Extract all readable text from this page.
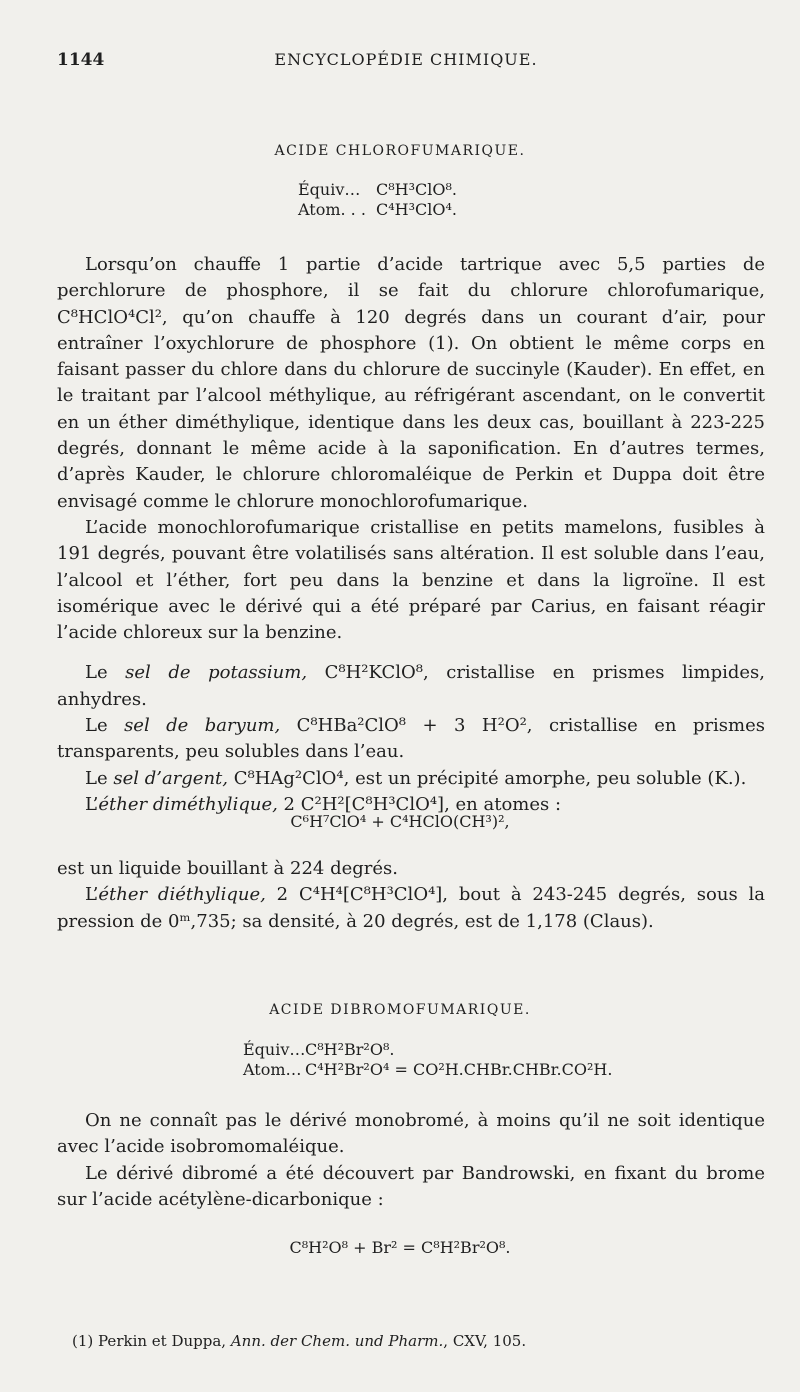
1144	ENCYCLOPÉDIE CHIMIQUE.
ACIDE CHLOROFUMARIQUE.
Équiv… C⁸H³ClO⁸.
Atom. . . C⁴H³ClO⁴.

Lorsqu’on chauffe 1 partie d’acide tartrique avec 5,5 parties de perchlorure de phosphore, il se fait du chlorure chlorofumarique, C⁸HClO⁴Cl², qu’on chauffe à 120 degrés dans un courant d’air, pour entraîner l’oxychlorure de phosphore (1). On obtient le même corps en faisant passer du chlore dans du chlorure de succinyle (Kauder). En effet, en le traitant par l’alcool méthylique, au réfrigérant ascendant, on le convertit en un éther diméthylique, identique dans les deux cas, bouillant à 223-225 degrés, donnant le même acide à la saponification. En d’autres termes, d’après Kauder, le chlorure chloromaléique de Perkin et Duppa doit être envisagé comme le chlorure monochlorofumarique.

L’acide monochlorofumarique cristallise en petits mamelons, fusibles à 191 degrés, pouvant être volatilisés sans altération. Il est soluble dans l’eau, l’alcool et l’éther, fort peu dans la benzine et dans la ligroïne. Il est isomérique avec le dérivé qui a été préparé par Carius, en faisant réagir l’acide chloreux sur la benzine.

Le sel de potassium, C⁸H²KClO⁸, cristallise en prismes limpides, anhydres.

Le sel de baryum, C⁸HBa²ClO⁸ + 3 H²O², cristallise en prismes transparents, peu solubles dans l’eau.

Le sel d’argent, C⁸HAg²ClO⁴, est un précipité amorphe, peu soluble (K.).

L’éther diméthylique, 2 C²H²[C⁸H³ClO⁴], en atomes :

C⁶H⁷ClO⁴ + C⁴HClO(CH³)²,

est un liquide bouillant à 224 degrés.

L’éther diéthylique, 2 C⁴H⁴[C⁸H³ClO⁴], bout à 243-245 degrés, sous la pression de 0ᵐ,735; sa densité, à 20 degrés, est de 1,178 (Claus).

ACIDE DIBROMOFUMARIQUE.
Équiv…C⁸H²Br²O⁸.
Atom… C⁴H²Br²O⁴ = CO²H.CHBr.CHBr.CO²H.

On ne connaît pas le dérivé monobromé, à moins qu’il ne soit identique avec l’acide isobromomaléique.

Le dérivé dibromé a été découvert par Bandrowski, en fixant du brome sur l’acide acétylène-dicarbonique :

C⁸H²O⁸ + Br² = C⁸H²Br²O⁸.
(1) Perkin et Duppa, Ann. der Chem. und Pharm., CXV, 105.
